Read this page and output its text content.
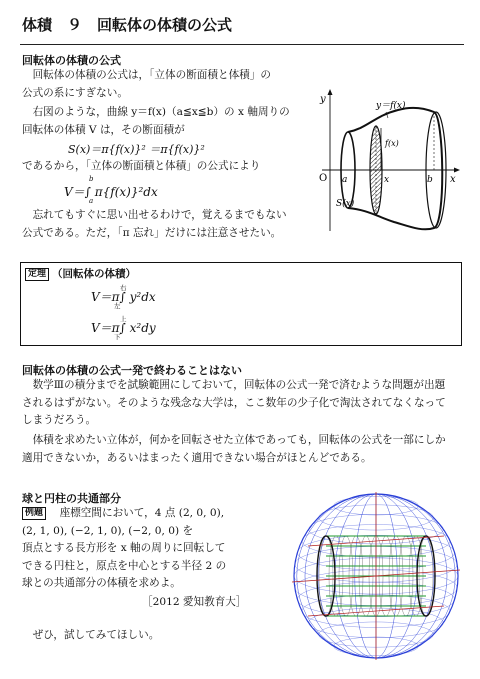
体積　９　回転体の体積の公式
回転体の体積の公式
　回転体の体積の公式は，「立体の断面積と体積」の
公式の系にすぎない。
　右図のような，曲線 y＝f(x)（a≦x≦b）の x 軸周りの
回転体の体積 V は，その断面積が
S(x)＝π{f(x)}² ＝π{f(x)}²
であるから，「立体の断面積と体積」の公式により
V＝∫ π{f(x)}²dx
b
a
　忘れてもすぐに思い出せるわけで，覚えるまでもない
公式である。ただ，「π 忘れ」だけには注意させたい。
y
x
O
y＝f(x)
f(x)
a	b
x
S(x)
定理 （回転体の体積）
V＝π∫ y²dx
右
左
V＝π∫ x²dy
上
下
回転体の体積の公式一発で終わることはない
　数学Ⅲの積分までを試験範囲にしておいて，回転体の公式一発で済むような問題が出題
されるはずがない。そのような残念な大学は，ここ数年の少子化で淘汰されてなくなって
しまうだろう。
　体積を求めたい立体が，何かを回転させた立体であっても，回転体の公式を一部にしか
適用できないか，あるいはまったく適用できない場合がほとんどである。
球と円柱の共通部分
例題　 座標空間において，4 点 (2, 0, 0),
(2, 1, 0), (−2, 1, 0), (−2, 0, 0) を
頂点とする長方形を x 軸の周りに回転して
できる円柱と，原点を中心とする半径 2 の
球との共通部分の体積を求めよ。
［2012 愛知教育大］
　ぜひ，試してみてほしい。
